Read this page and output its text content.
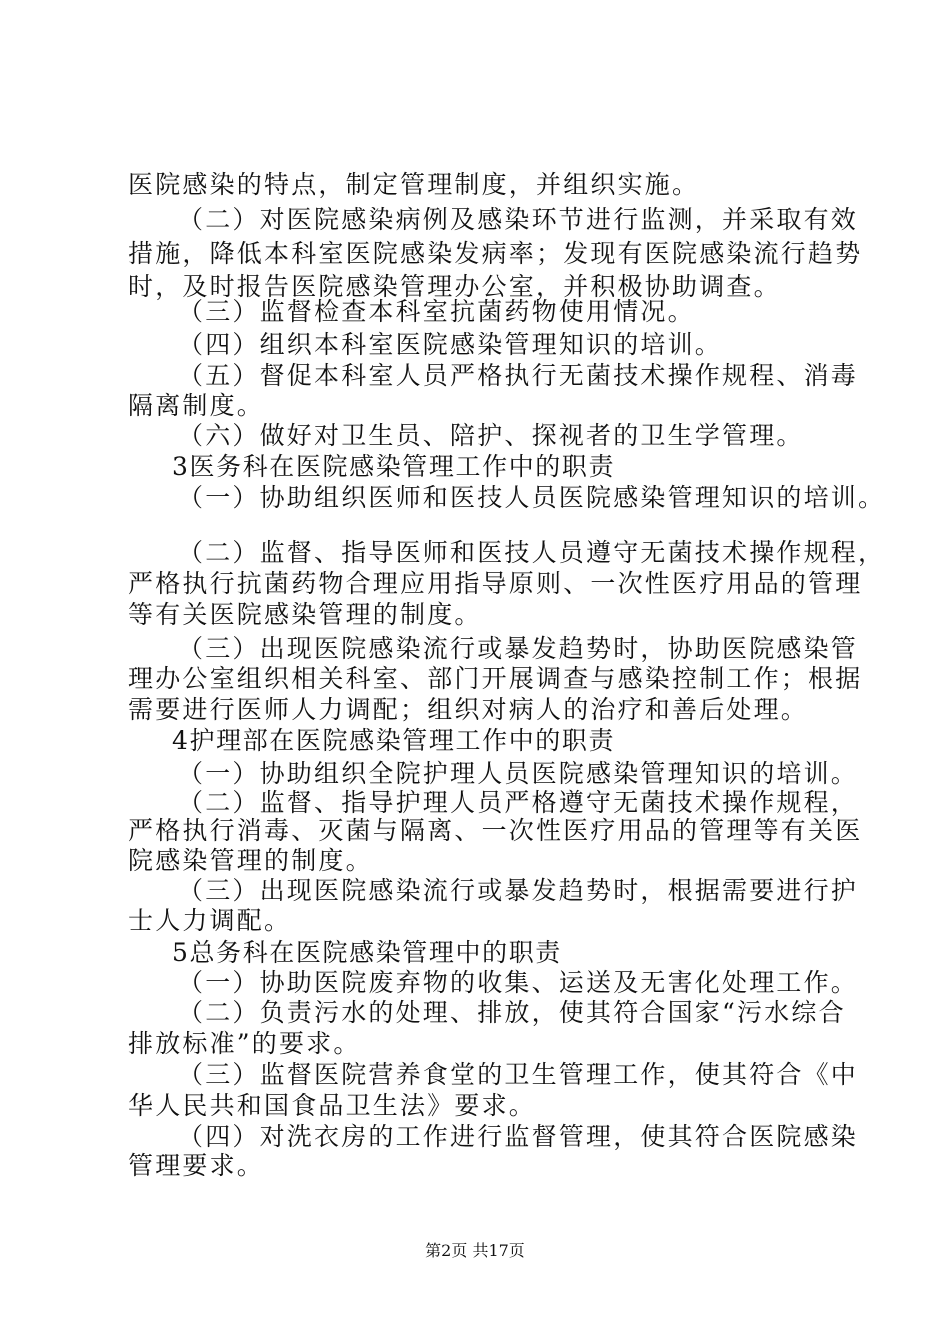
医院感染的特点，制定管理制度，并组织实施。
（二）对医院感染病例及感染环节进行监测，并采取有效
措施，降低本科室医院感染发病率；发现有医院感染流行趋势
时，及时报告医院感染管理办公室，并积极协助调查。
（三）监督检查本科室抗菌药物使用情况。
（四）组织本科室医院感染管理知识的培训。
（五）督促本科室人员严格执行无菌技术操作规程、消毒
隔离制度。
（六）做好对卫生员、陪护、探视者的卫生学管理。
3医务科在医院感染管理工作中的职责
（一）协助组织医师和医技人员医院感染管理知识的培训。
（二）监督、指导医师和医技人员遵守无菌技术操作规程，
严格执行抗菌药物合理应用指导原则、一次性医疗用品的管理
等有关医院感染管理的制度。
（三）出现医院感染流行或暴发趋势时，协助医院感染管
理办公室组织相关科室、部门开展调查与感染控制工作；根据
需要进行医师人力调配；组织对病人的治疗和善后处理。
4护理部在医院感染管理工作中的职责
（一）协助组织全院护理人员医院感染管理知识的培训。
（二）监督、指导护理人员严格遵守无菌技术操作规程，
严格执行消毒、灭菌与隔离、一次性医疗用品的管理等有关医
院感染管理的制度。
（三）出现医院感染流行或暴发趋势时，根据需要进行护
士人力调配。
5总务科在医院感染管理中的职责
（一）协助医院废弃物的收集、运送及无害化处理工作。
（二）负责污水的处理、排放，使其符合国家“污水综合
排放标准”的要求。
（三）监督医院营养食堂的卫生管理工作，使其符合《中
华人民共和国食品卫生法》要求。
（四）对洗衣房的工作进行监督管理，使其符合医院感染
管理要求。
第2页 共17页
